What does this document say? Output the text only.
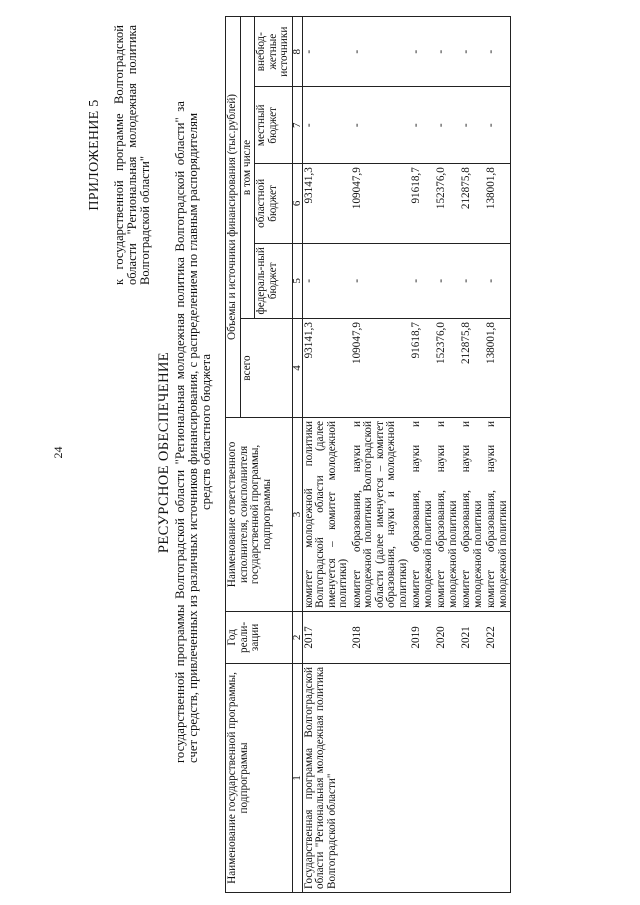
24
ПРИЛОЖЕНИЕ 5 к государственной программе Волгоградской области "Региональная молодежная политика Волгоградской области"
РЕСУРСНОЕ ОБЕСПЕЧЕНИЕ государственной программы Волгоградской области "Региональная молодежная политика Волгоградской области" за счет средств, привлеченных из различных источников финансирования, с распределением по главным распорядителям средств областного бюджета
Наименование государственной программы, подпрограммы	Год реали-зации	Наименование ответственного исполнителя, соисполнителя государственной программы, подпрограммы	Объемы и источники финансирования (тыс.рублей)				
			всего	в том числе			
				федераль-ный бюджет	областной бюджет	местный бюджет	внебюд-жетные источники
1	2	3	4	5	6	7	8
Государственная программа Волгоградской области "Региональная молодежная политика Волгоградской области"	2017	комитет молодежной политики Волгоградской области (далее именуется – комитет молодежной политики)	93141,3	-	93141,3	-	-
	2018	комитет образования, науки и молодежной политики Волгоградской области (далее именуется – комитет образования, науки и молодежной политики)	109047,9	-	109047,9	-	-
	2019	комитет образования, науки и молодежной политики	91618,7	-	91618,7	-	-
	2020	комитет образования, науки и молодежной политики	152376,0	-	152376,0	-	-
	2021	комитет образования, науки и молодежной политики	212875,8	-	212875,8	-	-
	2022	комитет образования, науки и молодежной политики	138001,8	-	138001,8	-	-
